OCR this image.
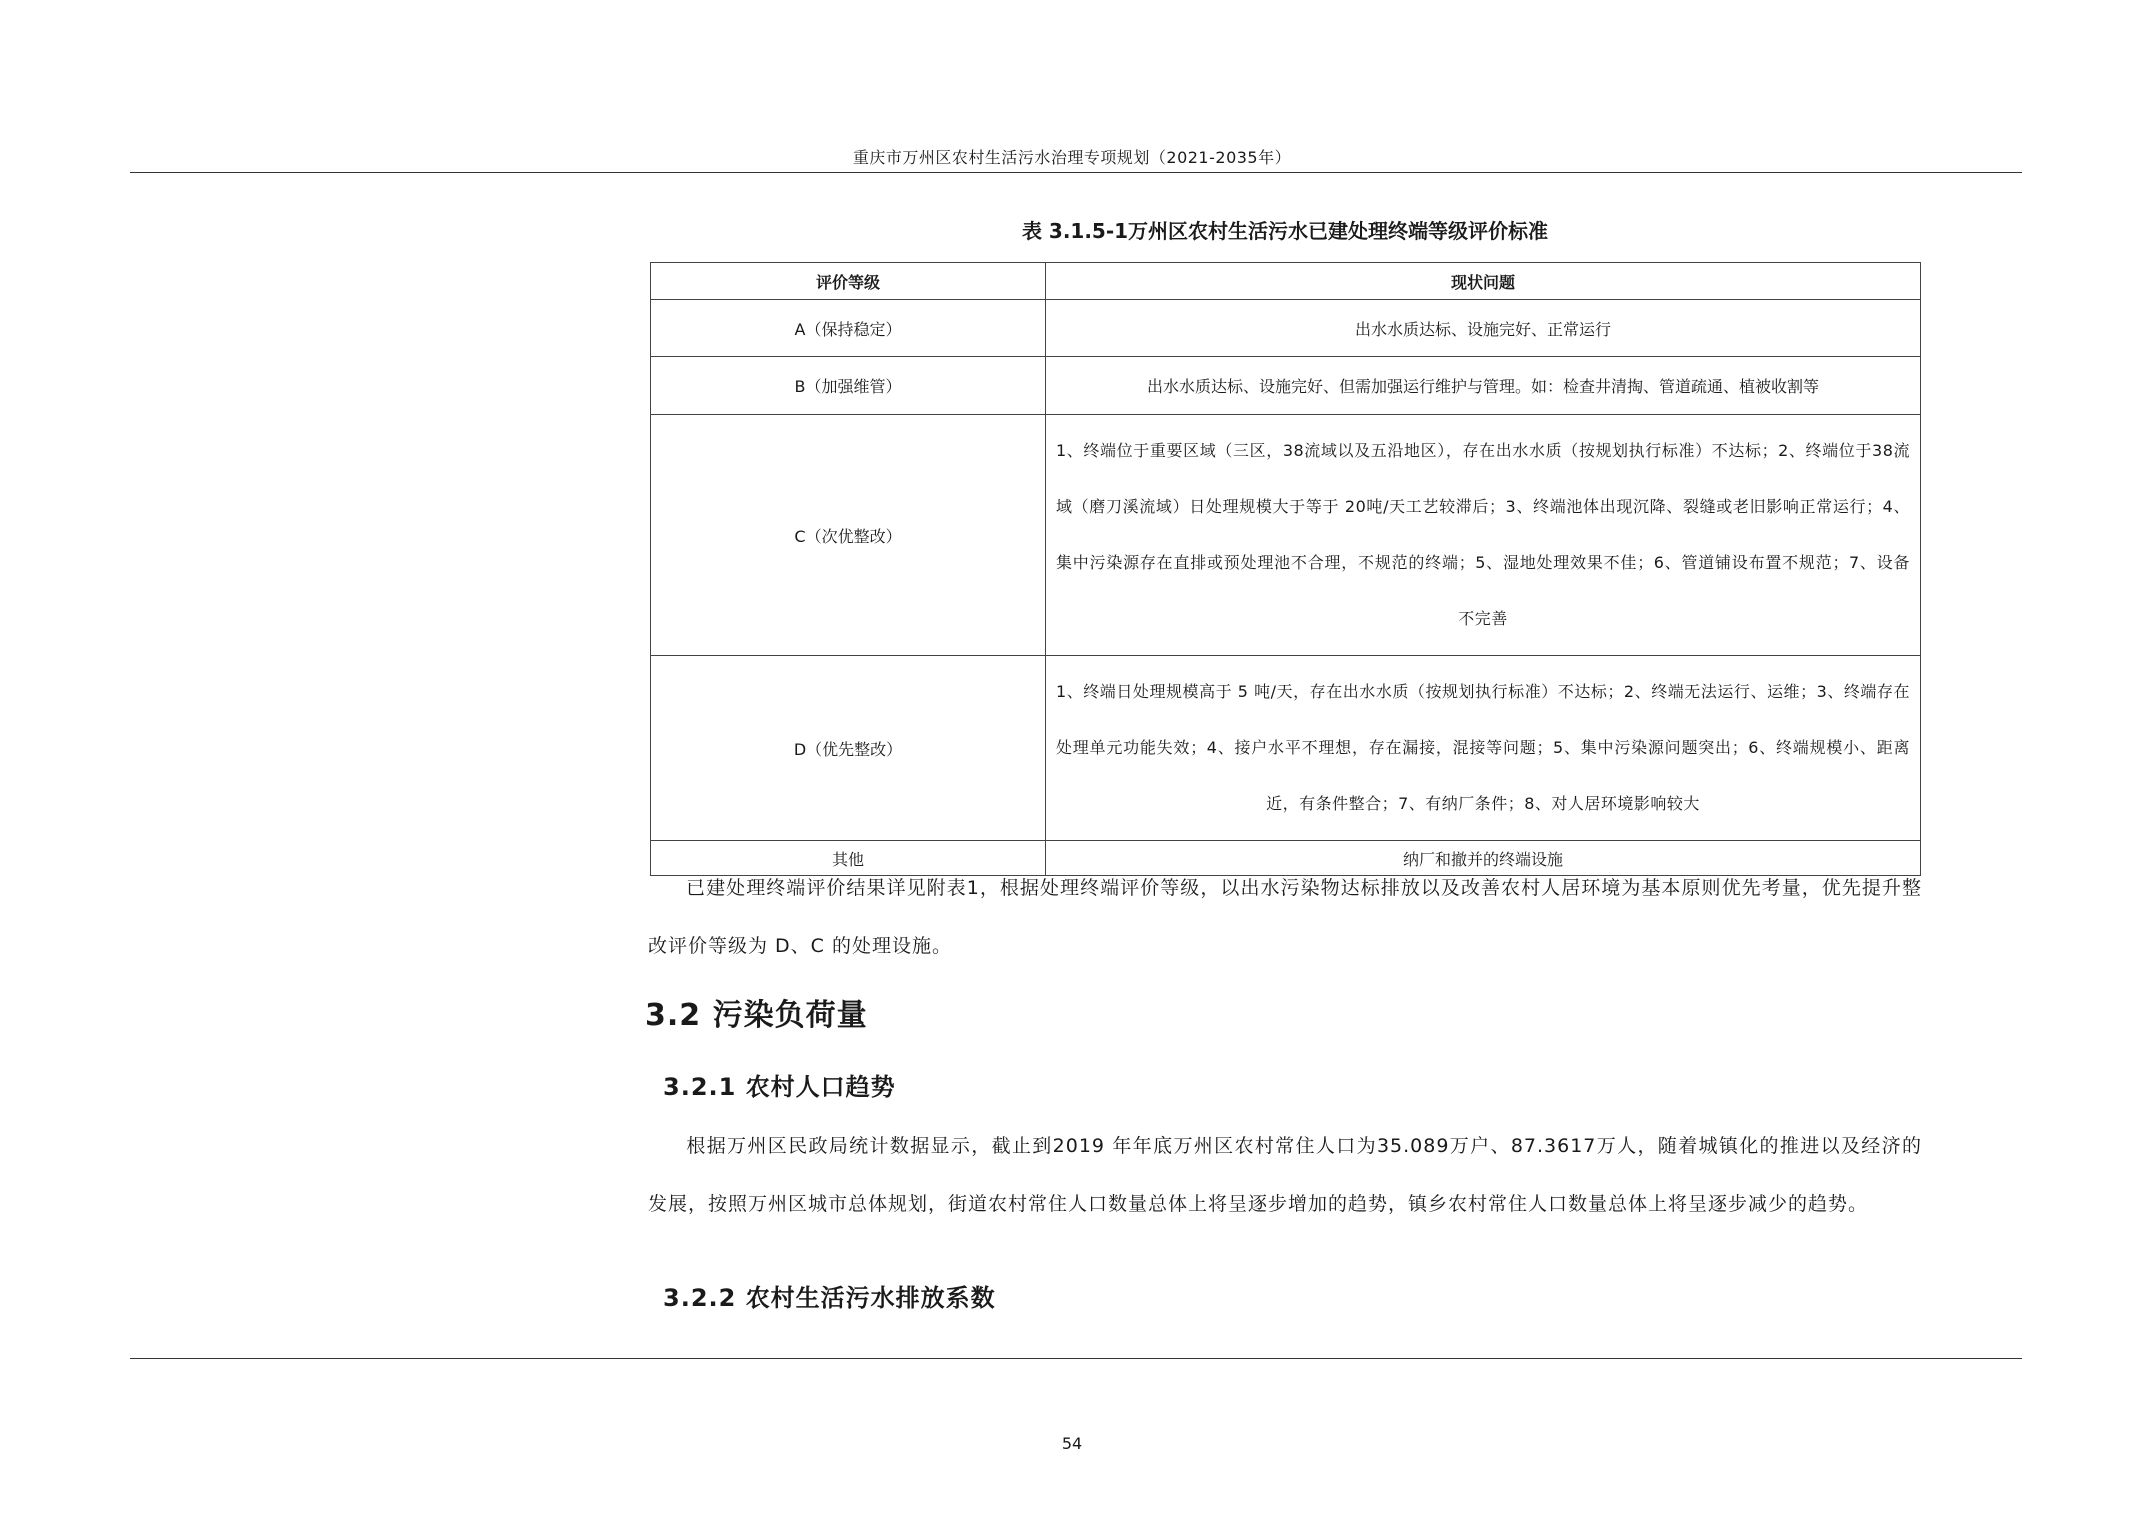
重庆市万州区农村生活污水治理专项规划（2021-2035年）
表 3.1.5-1万州区农村生活污水已建处理终端等级评价标准
评价等级	现状问题
A（保持稳定）	出水水质达标、设施完好、正常运行
B（加强维管）	出水水质达标、设施完好、但需加强运行维护与管理。如：检查井清掏、管道疏通、植被收割等
C（次优整改）	1、终端位于重要区域（三区，38流域以及五沿地区），存在出水水质（按规划执行标准）不达标；2、终端位于38流域（磨刀溪流域）日处理规模大于等于 20吨/天工艺较滞后；3、终端池体出现沉降、裂缝或老旧影响正常运行；4、集中污染源存在直排或预处理池不合理，不规范的终端；5、湿地处理效果不佳；6、管道铺设布置不规范；7、设备不完善
D（优先整改）	1、终端日处理规模高于 5 吨/天，存在出水水质（按规划执行标准）不达标；2、终端无法运行、运维；3、终端存在处理单元功能失效；4、接户水平不理想，存在漏接，混接等问题；5、集中污染源问题突出；6、终端规模小、距离近，有条件整合；7、有纳厂条件；8、对人居环境影响较大
其他	纳厂和撤并的终端设施
已建处理终端评价结果详见附表1，根据处理终端评价等级，以出水污染物达标排放以及改善农村人居环境为基本原则优先考量，优先提升整改评价等级为 D、C 的处理设施。
3.2 污染负荷量
3.2.1 农村人口趋势
根据万州区民政局统计数据显示，截止到2019 年年底万州区农村常住人口为35.089万户、87.3617万人，随着城镇化的推进以及经济的发展，按照万州区城市总体规划，街道农村常住人口数量总体上将呈逐步增加的趋势，镇乡农村常住人口数量总体上将呈逐步减少的趋势。
3.2.2 农村生活污水排放系数
54
